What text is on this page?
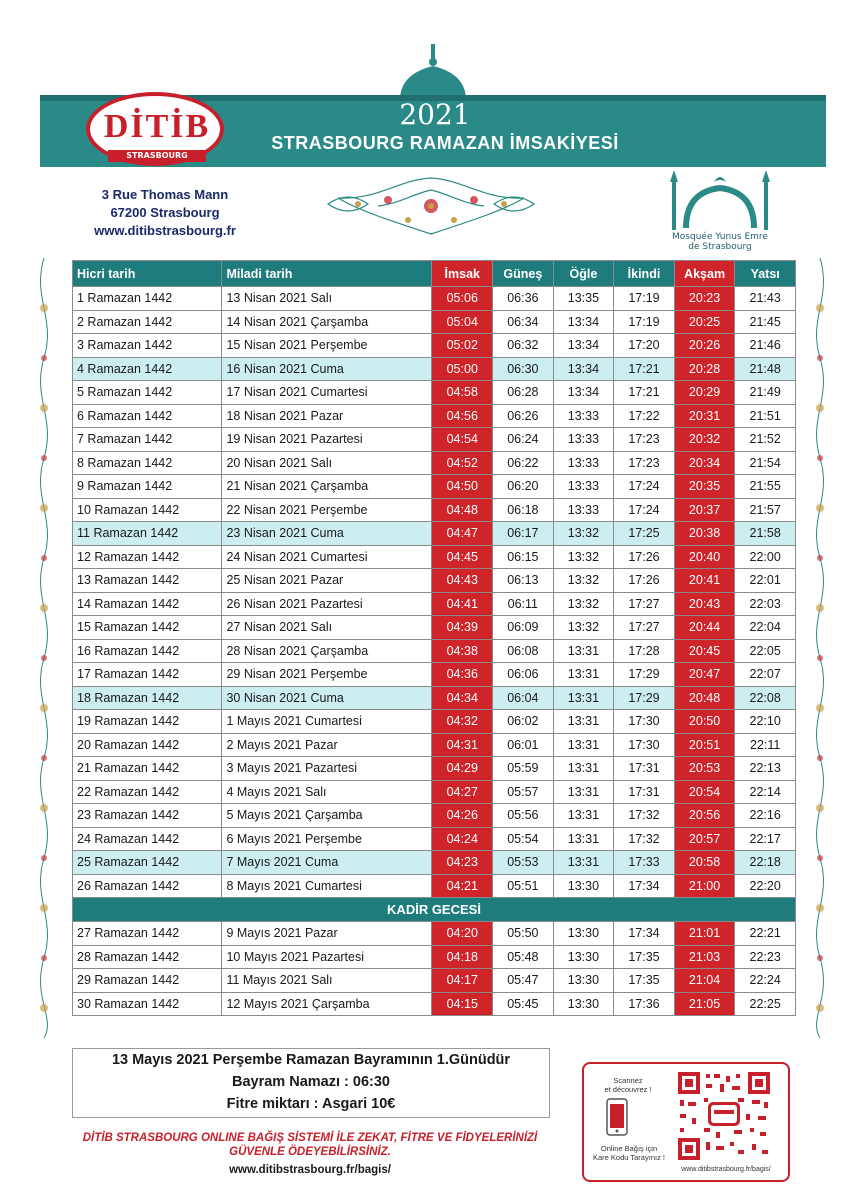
2021
STRASBOURG RAMAZAN İMSAKİYESİ
DİTİB
STRASBOURG
3 Rue Thomas Mann
67200 Strasbourg
www.ditibstrasbourg.fr	Mosquée Yunus Emre
de Strasbourg
Hicri tarih	Miladi tarih	İmsak	Güneş	Öğle	İkindi	Akşam	Yatsı
1 Ramazan 1442	13 Nisan 2021 Salı	05:06	06:36	13:35	17:19	20:23	21:43
2 Ramazan 1442	14 Nisan 2021 Çarşamba	05:04	06:34	13:34	17:19	20:25	21:45
3 Ramazan 1442	15 Nisan 2021 Perşembe	05:02	06:32	13:34	17:20	20:26	21:46
4 Ramazan 1442	16 Nisan 2021 Cuma	05:00	06:30	13:34	17:21	20:28	21:48
5 Ramazan 1442	17 Nisan 2021 Cumartesi	04:58	06:28	13:34	17:21	20:29	21:49
6 Ramazan 1442	18 Nisan 2021 Pazar	04:56	06:26	13:33	17:22	20:31	21:51
7 Ramazan 1442	19 Nisan 2021 Pazartesi	04:54	06:24	13:33	17:23	20:32	21:52
8 Ramazan 1442	20 Nisan 2021 Salı	04:52	06:22	13:33	17:23	20:34	21:54
9 Ramazan 1442	21 Nisan 2021 Çarşamba	04:50	06:20	13:33	17:24	20:35	21:55
10 Ramazan 1442	22 Nisan 2021 Perşembe	04:48	06:18	13:33	17:24	20:37	21:57
11 Ramazan 1442	23 Nisan 2021 Cuma	04:47	06:17	13:32	17:25	20:38	21:58
12 Ramazan 1442	24 Nisan 2021 Cumartesi	04:45	06:15	13:32	17:26	20:40	22:00
13 Ramazan 1442	25 Nisan 2021 Pazar	04:43	06:13	13:32	17:26	20:41	22:01
14 Ramazan 1442	26 Nisan 2021 Pazartesi	04:41	06:11	13:32	17:27	20:43	22:03
15 Ramazan 1442	27 Nisan 2021 Salı	04:39	06:09	13:32	17:27	20:44	22:04
16 Ramazan 1442	28 Nisan 2021 Çarşamba	04:38	06:08	13:31	17:28	20:45	22:05
17 Ramazan 1442	29 Nisan 2021 Perşembe	04:36	06:06	13:31	17:29	20:47	22:07
18 Ramazan 1442	30 Nisan 2021 Cuma	04:34	06:04	13:31	17:29	20:48	22:08
19 Ramazan 1442	1 Mayıs 2021 Cumartesi	04:32	06:02	13:31	17:30	20:50	22:10
20 Ramazan 1442	2 Mayıs 2021 Pazar	04:31	06:01	13:31	17:30	20:51	22:11
21 Ramazan 1442	3 Mayıs 2021 Pazartesi	04:29	05:59	13:31	17:31	20:53	22:13
22 Ramazan 1442	4 Mayıs 2021 Salı	04:27	05:57	13:31	17:31	20:54	22:14
23 Ramazan 1442	5 Mayıs 2021 Çarşamba	04:26	05:56	13:31	17:32	20:56	22:16
24 Ramazan 1442	6 Mayıs 2021 Perşembe	04:24	05:54	13:31	17:32	20:57	22:17
25 Ramazan 1442	7 Mayıs 2021 Cuma	04:23	05:53	13:31	17:33	20:58	22:18
26 Ramazan 1442	8 Mayıs 2021 Cumartesi	04:21	05:51	13:30	17:34	21:00	22:20
KADİR GECESİ							
27 Ramazan 1442	9 Mayıs 2021 Pazar	04:20	05:50	13:30	17:34	21:01	22:21
28 Ramazan 1442	10 Mayıs 2021 Pazartesi	04:18	05:48	13:30	17:35	21:03	22:23
29 Ramazan 1442	11 Mayıs 2021 Salı	04:17	05:47	13:30	17:35	21:04	22:24
30 Ramazan 1442	12 Mayıs 2021 Çarşamba	04:15	05:45	13:30	17:36	21:05	22:25
13 Mayıs 2021 Perşembe Ramazan Bayramının 1.Günüdür
Bayram Namazı : 06:30
Fitre miktarı : Asgari 10€
DİTİB STRASBOURG ONLINE BAĞIŞ SİSTEMİ İLE ZEKAT, FİTRE VE FİDYELERİNİZİ
GÜVENLE ÖDEYEBİLİRSİNİZ.
www.ditibstrasbourg.fr/bagis/
Scannez
et découvrez !
Online Bağış için
Kare Kodu Tarayınız !
www.ditibstrasbourg.fr/bagis/
